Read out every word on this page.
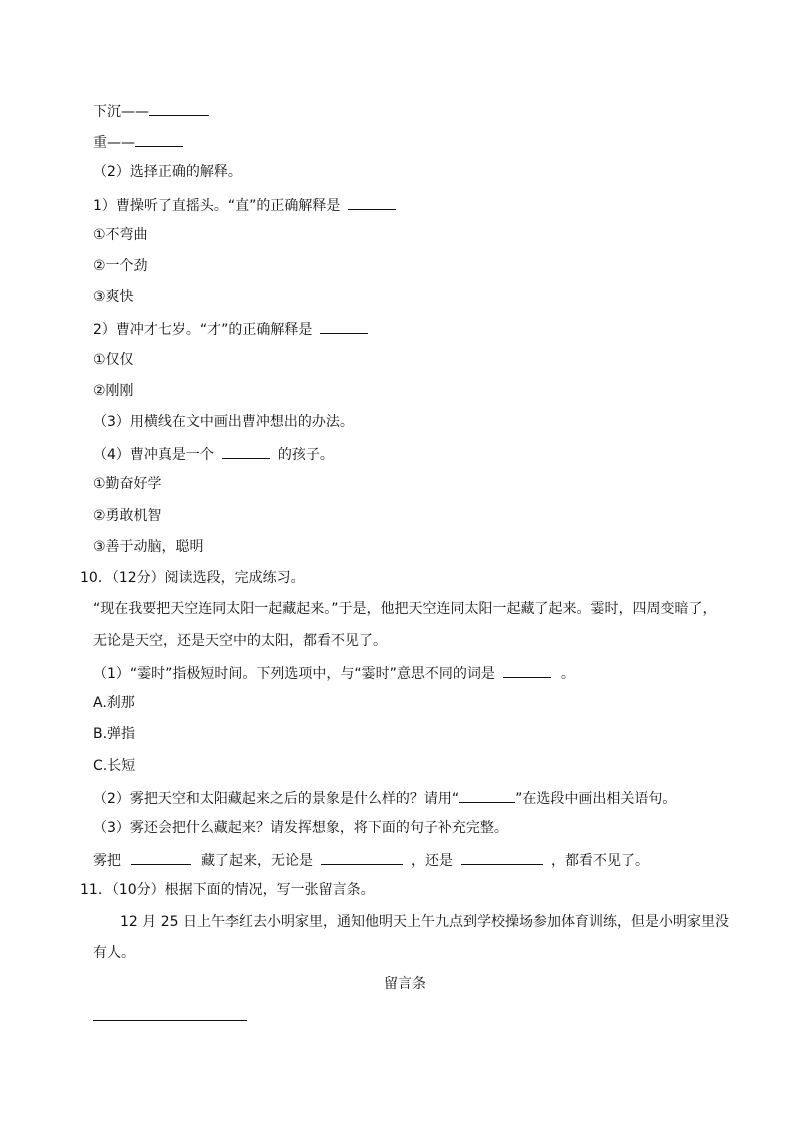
下沉——
重——
（2）选择正确的解释。
1）曹操听了直摇头。“直”的正确解释是
①不弯曲
②一个劲
③爽快
2）曹冲才七岁。“才”的正确解释是
①仅仅
②刚刚
（3）用横线在文中画出曹冲想出的办法。
（4）曹冲真是一个	的孩子。
①勤奋好学
②勇敢机智
③善于动脑，聪明
10．（12分）阅读选段，完成练习。
“现在我要把天空连同太阳一起藏起来。”于是，他把天空连同太阳一起藏了起来。霎时，四周变暗了，
无论是天空，还是天空中的太阳，都看不见了。
（1）“霎时”指极短时间。下列选项中，与“霎时”意思不同的词是	。
A.刹那
B.弹指
C.长短
（2）雾把天空和太阳藏起来之后的景象是什么样的？请用“	”在选段中画出相关语句。
（3）雾还会把什么藏起来？请发挥想象，将下面的句子补充完整。
雾把	藏了起来，无论是	，还是	，都看不见了。
11．（10分）根据下面的情况，写一张留言条。
12 月 25 日上午李红去小明家里，通知他明天上午九点到学校操场参加体育训练，但是小明家里没
有人。
留言条
